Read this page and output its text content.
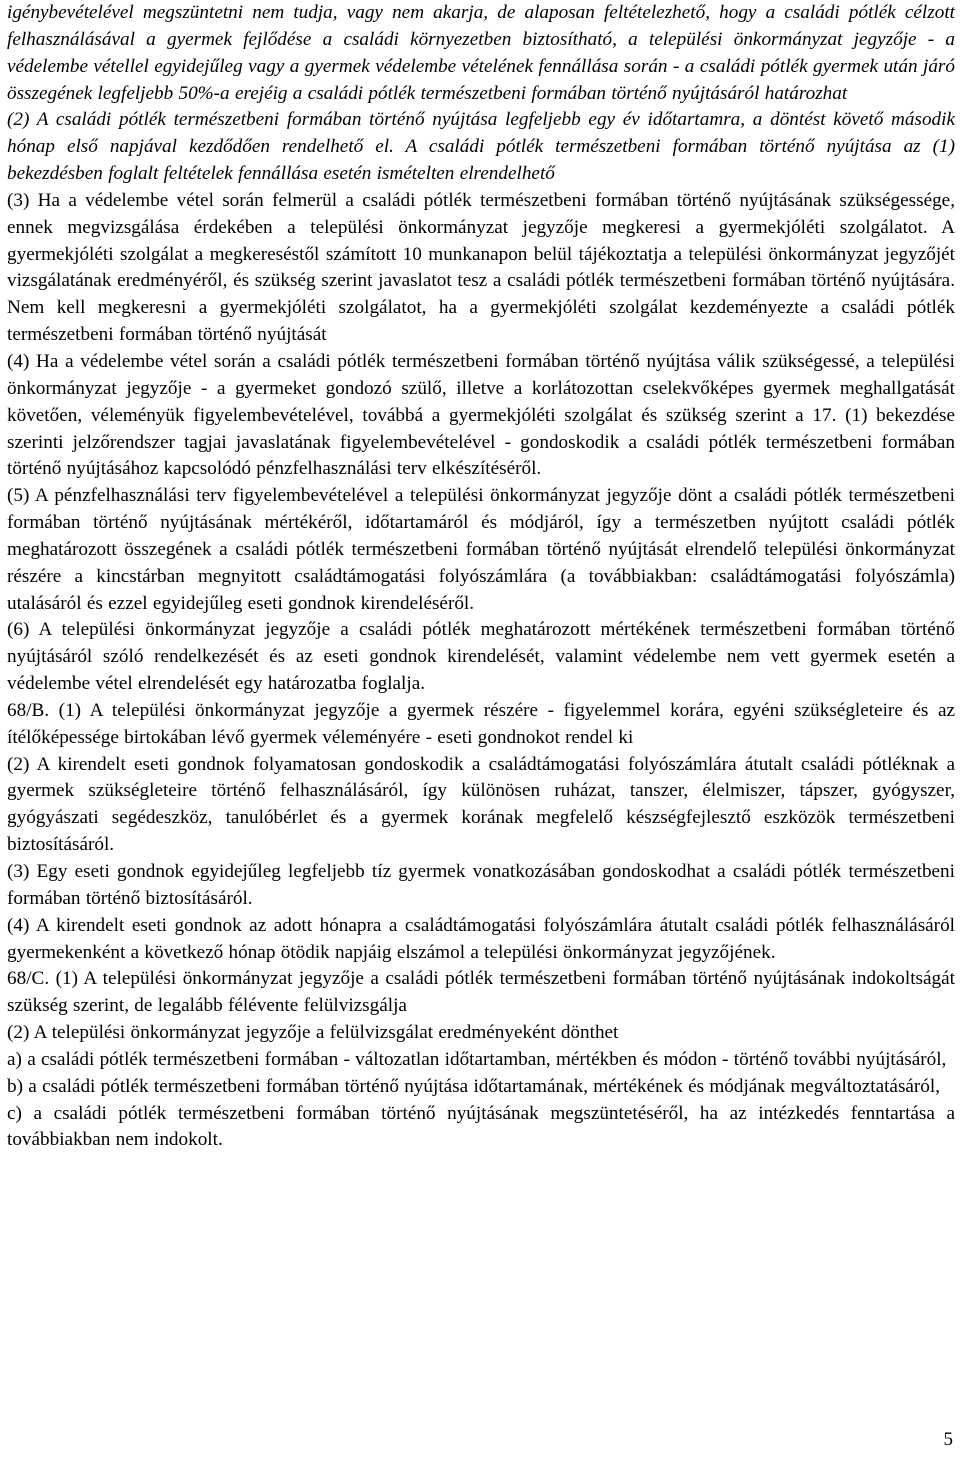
igénybevételével megszüntetni nem tudja, vagy nem akarja, de alaposan feltételezhető, hogy a családi pótlék célzott felhasználásával a gyermek fejlődése a családi környezetben biztosítható, a települési önkormányzat jegyzője - a védelembe vétellel egyidejűleg vagy a gyermek védelembe vételének fennállása során - a családi pótlék gyermek után járó összegének legfeljebb 50%-a erejéig a családi pótlék természetbeni formában történő nyújtásáról határozhat

(2) A családi pótlék természetbeni formában történő nyújtása legfeljebb egy év időtartamra, a döntést követő második hónap első napjával kezdődően rendelhető el. A családi pótlék természetbeni formában történő nyújtása az (1) bekezdésben foglalt feltételek fennállása esetén ismételten elrendelhető

(3) Ha a védelembe vétel során felmerül a családi pótlék természetbeni formában történő nyújtásának szükségessége, ennek megvizsgálása érdekében a települési önkormányzat jegyzője megkeresi a gyermekjóléti szolgálatot. A gyermekjóléti szolgálat a megkereséstől számított 10 munkanapon belül tájékoztatja a települési önkormányzat jegyzőjét vizsgálatának eredményéről, és szükség szerint javaslatot tesz a családi pótlék természetbeni formában történő nyújtására. Nem kell megkeresni a gyermekjóléti szolgálatot, ha a gyermekjóléti szolgálat kezdeményezte a családi pótlék természetbeni formában történő nyújtását

(4) Ha a védelembe vétel során a családi pótlék természetbeni formában történő nyújtása válik szükségessé, a települési önkormányzat jegyzője - a gyermeket gondozó szülő, illetve a korlátozottan cselekvőképes gyermek meghallgatását követően, véleményük figyelembevételével, továbbá a gyermekjóléti szolgálat és szükség szerint a 17. (1) bekezdése szerinti jelzőrendszer tagjai javaslatának figyelembevételével - gondoskodik a családi pótlék természetbeni formában történő nyújtásához kapcsolódó pénzfelhasználási terv elkészítéséről.

(5) A pénzfelhasználási terv figyelembevételével a települési önkormányzat jegyzője dönt a családi pótlék természetbeni formában történő nyújtásának mértékéről, időtartamáról és módjáról, így a természetben nyújtott családi pótlék meghatározott összegének a családi pótlék természetbeni formában történő nyújtását elrendelő települési önkormányzat részére a kincstárban megnyitott családtámogatási folyószámlára (a továbbiakban: családtámogatási folyószámla) utalásáról és ezzel egyidejűleg eseti gondnok kirendeléséről.

(6) A települési önkormányzat jegyzője a családi pótlék meghatározott mértékének természetbeni formában történő nyújtásáról szóló rendelkezését és az eseti gondnok kirendelését, valamint védelembe nem vett gyermek esetén a védelembe vétel elrendelését egy határozatba foglalja.

68/B. (1) A települési önkormányzat jegyzője a gyermek részére - figyelemmel korára, egyéni szükségleteire és az ítélőképessége birtokában lévő gyermek véleményére - eseti gondnokot rendel ki

(2) A kirendelt eseti gondnok folyamatosan gondoskodik a családtámogatási folyószámlára átutalt családi pótléknak a gyermek szükségleteire történő felhasználásáról, így különösen ruházat, tanszer, élelmiszer, tápszer, gyógyszer, gyógyászati segédeszköz, tanulóbérlet és a gyermek korának megfelelő készségfejlesztő eszközök természetbeni biztosításáról.

(3) Egy eseti gondnok egyidejűleg legfeljebb tíz gyermek vonatkozásában gondoskodhat a családi pótlék természetbeni formában történő biztosításáról.

(4) A kirendelt eseti gondnok az adott hónapra a családtámogatási folyószámlára átutalt családi pótlék felhasználásáról gyermekenként a következő hónap ötödik napjáig elszámol a települési önkormányzat jegyzőjének.

68/C. (1) A települési önkormányzat jegyzője a családi pótlék természetbeni formában történő nyújtásának indokoltságát szükség szerint, de legalább félévente felülvizsgálja

(2) A települési önkormányzat jegyzője a felülvizsgálat eredményeként dönthet

a) a családi pótlék természetbeni formában - változatlan időtartamban, mértékben és módon - történő további nyújtásáról,

b) a családi pótlék természetbeni formában történő nyújtása időtartamának, mértékének és módjának megváltoztatásáról,

c) a családi pótlék természetbeni formában történő nyújtásának megszüntetéséről, ha az intézkedés fenntartása a továbbiakban nem indokolt.

5
